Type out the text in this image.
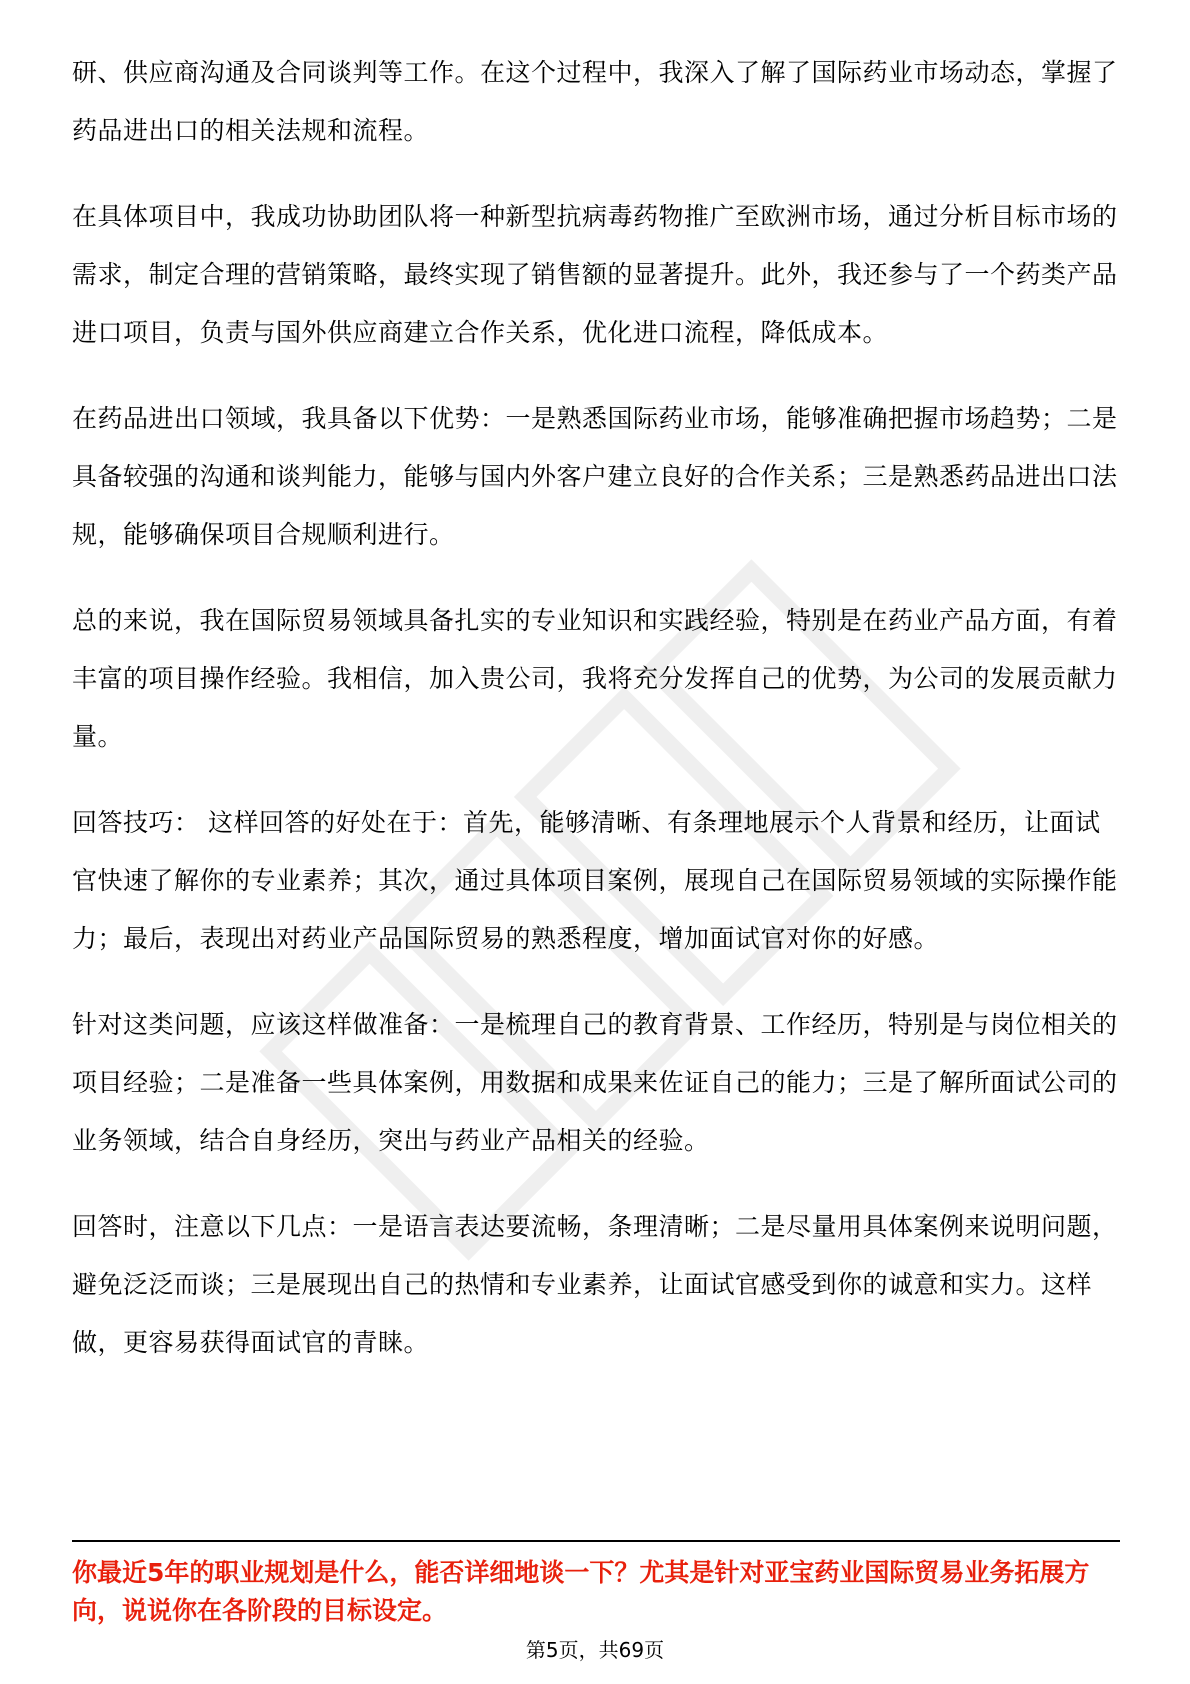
研、供应商沟通及合同谈判等工作。在这个过程中，我深入了解了国际药业市场动态，掌握了药品进出口的相关法规和流程。

在具体项目中，我成功协助团队将一种新型抗病毒药物推广至欧洲市场，通过分析目标市场的需求，制定合理的营销策略，最终实现了销售额的显著提升。此外，我还参与了一个药类产品进口项目，负责与国外供应商建立合作关系，优化进口流程，降低成本。

在药品进出口领域，我具备以下优势：一是熟悉国际药业市场，能够准确把握市场趋势；二是具备较强的沟通和谈判能力，能够与国内外客户建立良好的合作关系；三是熟悉药品进出口法规，能够确保项目合规顺利进行。

总的来说，我在国际贸易领域具备扎实的专业知识和实践经验，特别是在药业产品方面，有着丰富的项目操作经验。我相信，加入贵公司，我将充分发挥自己的优势，为公司的发展贡献力量。

回答技巧： 这样回答的好处在于：首先，能够清晰、有条理地展示个人背景和经历，让面试官快速了解你的专业素养；其次，通过具体项目案例，展现自己在国际贸易领域的实际操作能力；最后，表现出对药业产品国际贸易的熟悉程度，增加面试官对你的好感。

针对这类问题，应该这样做准备：一是梳理自己的教育背景、工作经历，特别是与岗位相关的项目经验；二是准备一些具体案例，用数据和成果来佐证自己的能力；三是了解所面试公司的业务领域，结合自身经历，突出与药业产品相关的经验。

回答时，注意以下几点：一是语言表达要流畅，条理清晰；二是尽量用具体案例来说明问题，避免泛泛而谈；三是展现出自己的热情和专业素养，让面试官感受到你的诚意和实力。这样做，更容易获得面试官的青睐。

你最近5年的职业规划是什么，能否详细地谈一下？尤其是针对亚宝药业国际贸易业务拓展方向，说说你在各阶段的目标设定。

第5页，共69页
